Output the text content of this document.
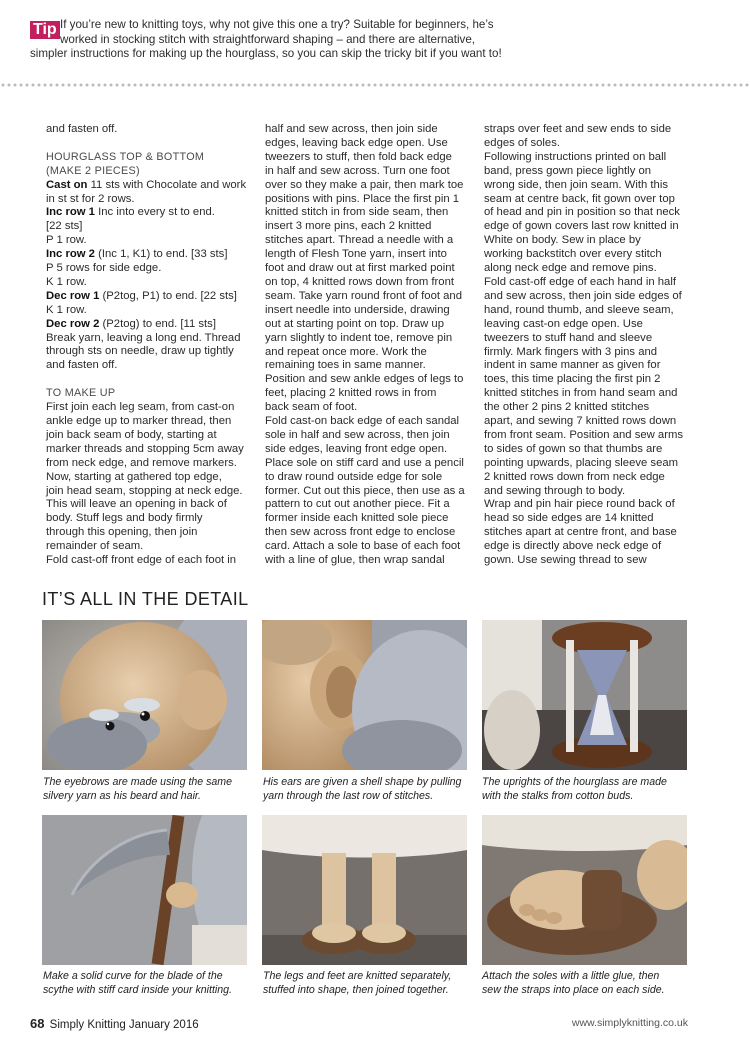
Tip If you’re new to knitting toys, why not give this one a try? Suitable for beginners, he’s
worked in stocking stitch with straightforward shaping – and there are alternative,
simpler instructions for making up the hourglass, so you can skip the tricky bit if you want to!

and fasten off.

HOURGLASS TOP & BOTTOM

(MAKE 2 PIECES)

Cast on 11 sts with Chocolate and work

in st st for 2 rows.

Inc row 1 Inc into every st to end.

[22 sts]

P 1 row.

Inc row 2 (Inc 1, K1) to end. [33 sts]

P 5 rows for side edge.

K 1 row.

Dec row 1 (P2tog, P1) to end. [22 sts]

K 1 row.

Dec row 2 (P2tog) to end. [11 sts]

Break yarn, leaving a long end. Thread

through sts on needle, draw up tightly

and fasten off.

TO MAKE UP

First join each leg seam, from cast-on

ankle edge up to marker thread, then

join back seam of body, starting at

marker threads and stopping 5cm away

from neck edge, and remove markers.

Now, starting at gathered top edge,

join head seam, stopping at neck edge.

This will leave an opening in back of

body. Stuff legs and body firmly

through this opening, then join

remainder of seam.

Fold cast-off front edge of each foot in

half and sew across, then join side

edges, leaving back edge open. Use

tweezers to stuff, then fold back edge

in half and sew across. Turn one foot

over so they make a pair, then mark toe

positions with pins. Place the first pin 1

knitted stitch in from side seam, then

insert 3 more pins, each 2 knitted

stitches apart. Thread a needle with a

length of Flesh Tone yarn, insert into

foot and draw out at first marked point

on top, 4 knitted rows down from front

seam. Take yarn round front of foot and

insert needle into underside, drawing

out at starting point on top. Draw up

yarn slightly to indent toe, remove pin

and repeat once more. Work the

remaining toes in same manner.

Position and sew ankle edges of legs to

feet, placing 2 knitted rows in from

back seam of foot.

Fold cast-on back edge of each sandal

sole in half and sew across, then join

side edges, leaving front edge open.

Place sole on stiff card and use a pencil

to draw round outside edge for sole

former. Cut out this piece, then use as a

pattern to cut out another piece. Fit a

former inside each knitted sole piece

then sew across front edge to enclose

card. Attach a sole to base of each foot

with a line of glue, then wrap sandal

straps over feet and sew ends to side

edges of soles.

Following instructions printed on ball

band, press gown piece lightly on

wrong side, then join seam. With this

seam at centre back, fit gown over top

of head and pin in position so that neck

edge of gown covers last row knitted in

White on body. Sew in place by

working backstitch over every stitch

along neck edge and remove pins.

Fold cast-off edge of each hand in half

and sew across, then join side edges of

hand, round thumb, and sleeve seam,

leaving cast-on edge open. Use

tweezers to stuff hand and sleeve

firmly. Mark fingers with 3 pins and

indent in same manner as given for

toes, this time placing the first pin 2

knitted stitches in from hand seam and

the other 2 pins 2 knitted stitches

apart, and sewing 7 knitted rows down

from front seam. Position and sew arms

to sides of gown so that thumbs are

pointing upwards, placing sleeve seam

2 knitted rows down from neck edge

and sewing through to body.

Wrap and pin hair piece round back of

head so side edges are 14 knitted

stitches apart at centre front, and base

edge is directly above neck edge of

gown. Use sewing thread to sew

IT’S ALL IN THE DETAIL
The eyebrows are made using the same
silvery yarn as his beard and hair.
His ears are given a shell shape by pulling
yarn through the last row of stitches.
The uprights of the hourglass are made
with the stalks from cotton buds.
Make a solid curve for the blade of the
scythe with stiff card inside your knitting.
The legs and feet are knitted separately,
stuffed into shape, then joined together.
Attach the soles with a little glue, then
sew the straps into place on each side.
68 Simply Knitting January 2016	www.simplyknitting.co.uk
